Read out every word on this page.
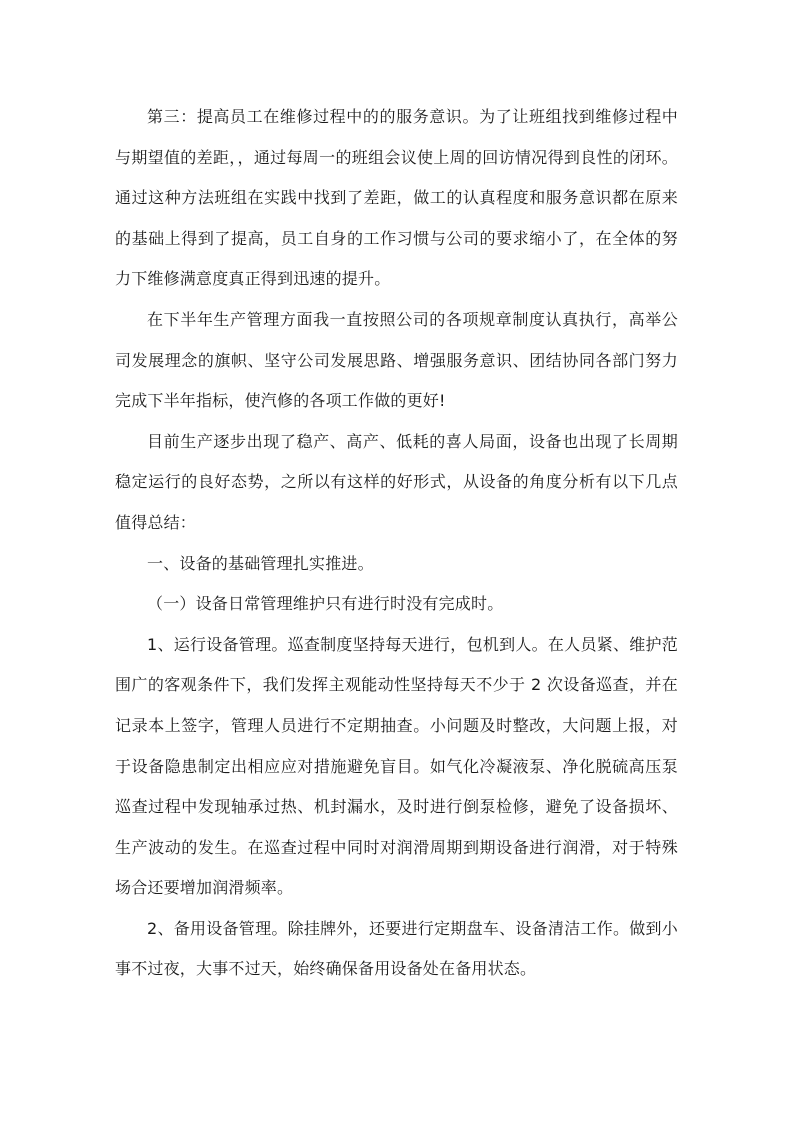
第三：提高员工在维修过程中的的服务意识。为了让班组找到维修过程中与期望值的差距，，通过每周一的班组会议使上周的回访情况得到良性的闭环。通过这种方法班组在实践中找到了差距，做工的认真程度和服务意识都在原来的基础上得到了提高，员工自身的工作习惯与公司的要求缩小了，在全体的努力下维修满意度真正得到迅速的提升。

在下半年生产管理方面我一直按照公司的各项规章制度认真执行，高举公司发展理念的旗帜、坚守公司发展思路、增强服务意识、团结协同各部门努力完成下半年指标，使汽修的各项工作做的更好!

目前生产逐步出现了稳产、高产、低耗的喜人局面，设备也出现了长周期稳定运行的良好态势，之所以有这样的好形式，从设备的角度分析有以下几点值得总结：

一、设备的基础管理扎实推进。

（一）设备日常管理维护只有进行时没有完成时。

1、运行设备管理。巡查制度坚持每天进行，包机到人。在人员紧、维护范围广的客观条件下，我们发挥主观能动性坚持每天不少于 2 次设备巡查，并在记录本上签字，管理人员进行不定期抽查。小问题及时整改，大问题上报，对于设备隐患制定出相应应对措施避免盲目。如气化冷凝液泵、净化脱硫高压泵巡查过程中发现轴承过热、机封漏水，及时进行倒泵检修，避免了设备损坏、生产波动的发生。在巡查过程中同时对润滑周期到期设备进行润滑，对于特殊场合还要增加润滑频率。

2、备用设备管理。除挂牌外，还要进行定期盘车、设备清洁工作。做到小事不过夜，大事不过天，始终确保备用设备处在备用状态。
